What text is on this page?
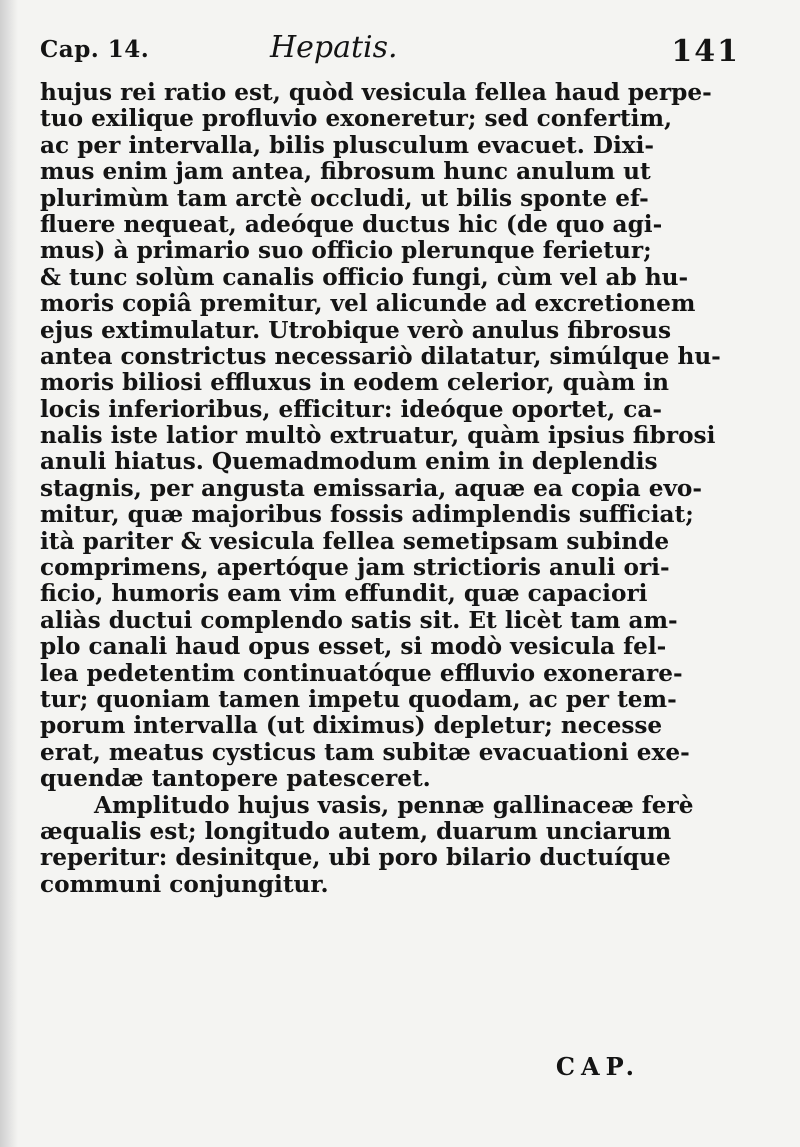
Cap. 14.	Hepatis.	141
hujus rei ratio est, quòd vesicula fellea haud perpe-
tuo exilique profluvio exoneretur; sed confertim,
ac per intervalla, bilis plusculum evacuet. Dixi-
mus enim jam antea, fibrosum hunc anulum ut
plurimùm tam arctè occludi, ut bilis sponte ef-
fluere nequeat, adeóque ductus hic (de quo agi-
mus) à primario suo officio plerunque ferietur;
& tunc solùm canalis officio fungi, cùm vel ab hu-
moris copiâ premitur, vel alicunde ad excretionem
ejus extimulatur. Utrobique verò anulus fibrosus
antea constrictus necessariò dilatatur, simúlque hu-
moris biliosi effluxus in eodem celerior, quàm in
locis inferioribus, efficitur: ideóque oportet, ca-
nalis iste latior multò extruatur, quàm ipsius fibrosi
anuli hiatus. Quemadmodum enim in deplendis
stagnis, per angusta emissaria, aquæ ea copia evo-
mitur, quæ majoribus fossis adimplendis sufficiat;
ità pariter & vesicula fellea semetipsam subinde
comprimens, apertóque jam strictioris anuli ori-
ficio, humoris eam vim effundit, quæ capaciori
aliàs ductui complendo satis sit. Et licèt tam am-
plo canali haud opus esset, si modò vesicula fel-
lea pedetentim continuatóque effluvio exonerare-
tur; quoniam tamen impetu quodam, ac per tem-
porum intervalla (ut diximus) depletur; necesse
erat, meatus cysticus tam subitæ evacuationi exe-
quendæ tantopere patesceret.
Amplitudo hujus vasis, pennæ gallinaceæ ferè
æqualis est; longitudo autem, duarum unciarum
reperitur: desinitque, ubi poro bilario ductuíque
communi conjungitur.
CAP.
